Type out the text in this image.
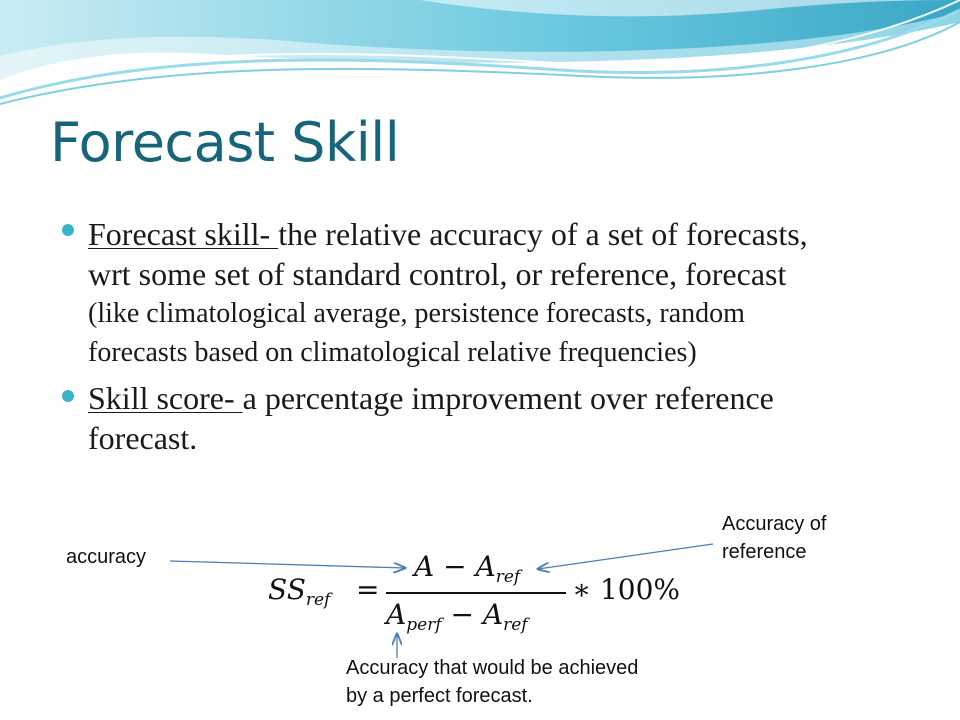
Forecast Skill
Forecast skill- the relative accuracy of a set of forecasts,
wrt some set of standard control, or reference, forecast
(like climatological average, persistence forecasts, random
forecasts based on climatological relative frequencies)
Skill score- a percentage improvement over reference
forecast.
accuracy
Accuracy of
reference
Accuracy that would be achieved
by a perfect forecast.
$SS_{ref}$ =
$A - A_{ref}$
$A_{perf} - A_{ref}$
∗ 100%
